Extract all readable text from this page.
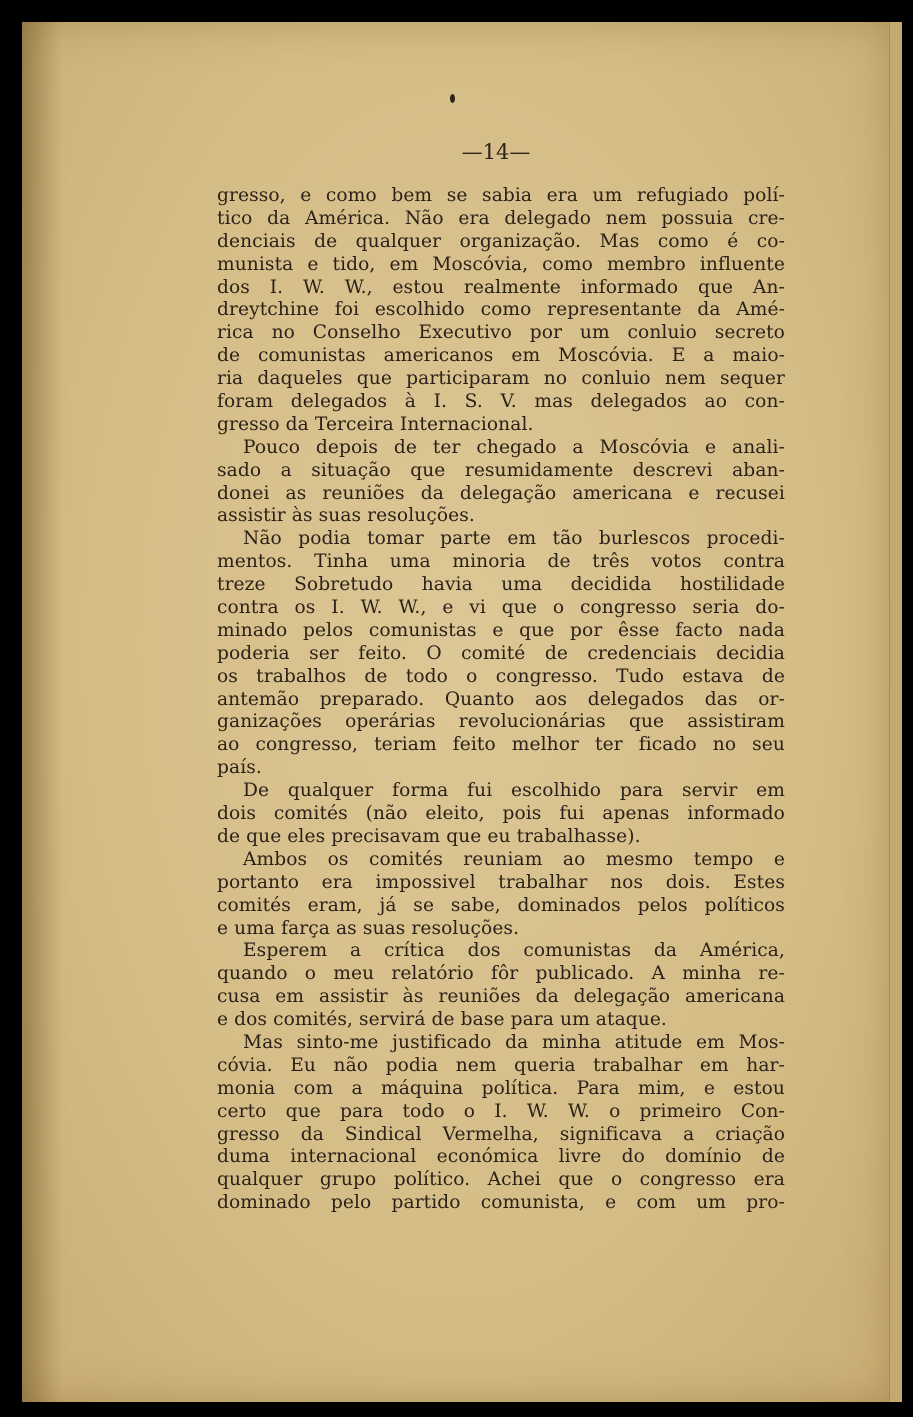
—14—
gresso, e como bem se sabia era um refugiado polí-
tico da América. Não era delegado nem possuia cre-
denciais de qualquer organização. Mas como é co-
munista e tido, em Moscóvia, como membro influente
dos I. W. W., estou realmente informado que An-
dreytchine foi escolhido como representante da Amé-
rica no Conselho Executivo por um conluio secreto
de comunistas americanos em Moscóvia. E a maio-
ria daqueles que participaram no conluio nem sequer
foram delegados à I. S. V. mas delegados ao con-
gresso da Terceira Internacional.
Pouco depois de ter chegado a Moscóvia e anali-
sado a situação que resumidamente descrevi aban-
donei as reuniões da delegação americana e recusei
assistir às suas resoluções.
Não podia tomar parte em tão burlescos procedi-
mentos. Tinha uma minoria de três votos contra
treze Sobretudo havia uma decidida hostilidade
contra os I. W. W., e vi que o congresso seria do-
minado pelos comunistas e que por êsse facto nada
poderia ser feito. O comité de credenciais decidia
os trabalhos de todo o congresso. Tudo estava de
antemão preparado. Quanto aos delegados das or-
ganizações operárias revolucionárias que assistiram
ao congresso, teriam feito melhor ter ficado no seu
país.
De qualquer forma fui escolhido para servir em
dois comités (não eleito, pois fui apenas informado
de que eles precisavam que eu trabalhasse).
Ambos os comités reuniam ao mesmo tempo e
portanto era impossivel trabalhar nos dois. Estes
comités eram, já se sabe, dominados pelos políticos
e uma farça as suas resoluções.
Esperem a crítica dos comunistas da América,
quando o meu relatório fôr publicado. A minha re-
cusa em assistir às reuniões da delegação americana
e dos comités, servirá de base para um ataque.
Mas sinto-me justificado da minha atitude em Mos-
cóvia. Eu não podia nem queria trabalhar em har-
monia com a máquina política. Para mim, e estou
certo que para todo o I. W. W. o primeiro Con-
gresso da Sindical Vermelha, significava a criação
duma internacional económica livre do domínio de
qualquer grupo político. Achei que o congresso era
dominado pelo partido comunista, e com um pro-
